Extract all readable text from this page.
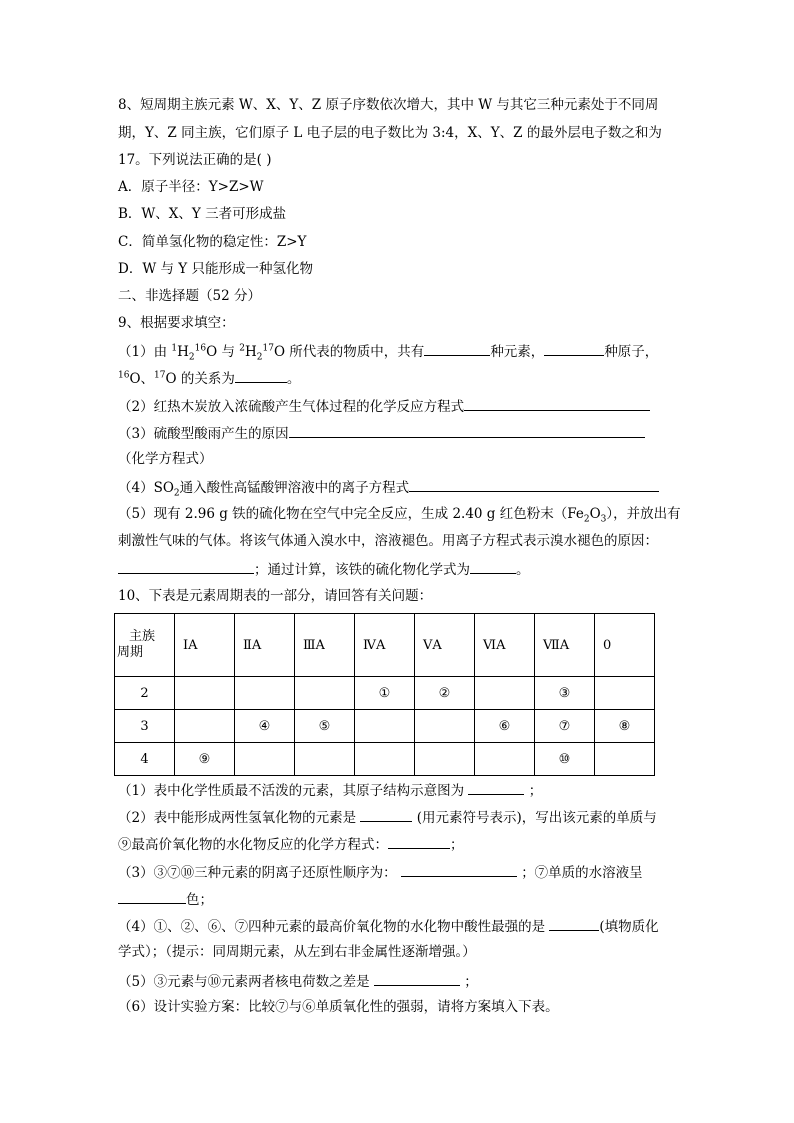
8、短周期主族元素 W、X、Y、Z 原子序数依次增大，其中 W 与其它三种元素处于不同周
期，Y、Z 同主族，它们原子 L 电子层的电子数比为 3:4，X、Y、Z 的最外层电子数之和为
17。下列说法正确的是( )
A．原子半径：Y>Z>W
B．W、X、Y 三者可形成盐
C．简单氢化物的稳定性：Z>Y
D．W 与 Y 只能形成一种氢化物
二、非选择题（52 分）
9、根据要求填空：
（1）由 $^1H_2^{16}O$ 与 $^2H_2^{17}O$ 所代表的物质中，共有	种元素，	种原子，
$^{16}$O、$^{17}$O 的关系为	。
（2）红热木炭放入浓硫酸产生气体过程的化学反应方程式
（3）硫酸型酸雨产生的原因
（化学方程式）
$(4)SO_2$通入酸性高锰酸钾溶液中的离子方程式
（5）现有 2.96 g 铁的硫化物在空气中完全反应，生成 2.40 g 红色粉末$(Fe_2O_3)$，并放出有
刺激性气味的气体。将该气体通入溴水中，溶液褪色。用离子方程式表示溴水褪色的原因：
；通过计算，该铁的硫化物化学式为	。
10、下表是元素周期表的一部分，请回答有关问题：
主族
周期	ⅠA	ⅡA	ⅢA	ⅣA	ⅤA	ⅥA	ⅦA	0
2				①	②		③	
3		④	⑤			⑥	⑦	⑧
4	⑨						⑩	
（1）表中化学性质最不活泼的元素，其原子结构示意图为	；
（2）表中能形成两性氢氧化物的元素是	(用元素符号表示)，写出该元素的单质与
⑨最高价氧化物的水化物反应的化学方程式：	；
（3）③⑦⑩三种元素的阴离子还原性顺序为：	；⑦单质的水溶液呈
色；
（4）①、②、⑥、⑦四种元素的最高价氧化物的水化物中酸性最强的是	(填物质化
学式）；（提示：同周期元素，从左到右非金属性逐渐增强。）
（5）③元素与⑩元素两者核电荷数之差是	；
（6）设计实验方案：比较⑦与⑥单质氧化性的强弱，请将方案填入下表。
